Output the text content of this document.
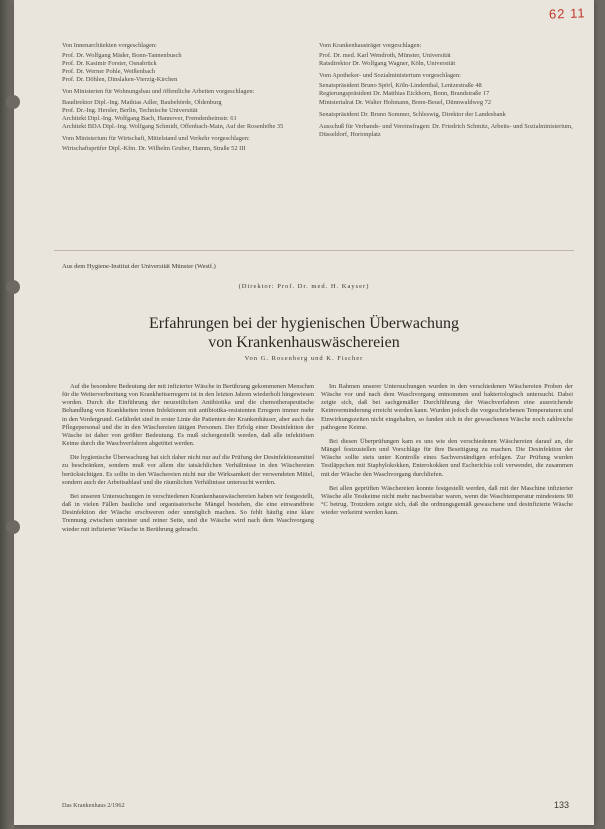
62 11

Von Innenarchitekten vorgeschlagen:
Prof. Dr. Wolfgang Mäder, Bonn-Tannenbusch
Prof. Dr. Kasimir Forster, Osnabrück
Prof. Dr. Werner Pohle, Weißenbach
Prof. Dr. Döhlen, Dinslaken-Vierzig-Kirchen

Von Ministerien für Wohnungsbau und öffentliche Arbeiten vorgeschlagen:
Baudirektor Dipl.-Ing. Mathias Adler, Baubehörde, Oldenburg
Prof. Dr.-Ing. Hersler, Berlin, Technische Universität
Architekt Dipl.-Ing. Wolfgang Bach, Hannover, Fremdenheimstr. 61
Architekt BDA Dipl.-Ing. Wolfgang Schmidt, Offenbach-Main, Auf der Rosenhöhe 35

Vom Ministerium für Wirtschaft, Mittelstand und Verkehr vorgeschlagen:
Wirtschaftsprüfer Dipl.-Kfm. Dr. Wilhelm Gruber, Hamm, Straße 52 III

Vom Krankenhausträger vorgeschlagen:
Prof. Dr. med. Karl Wendroth, Münster, Universität
Ratsdirektor Dr. Wolfgang Wagner, Köln, Universität

Vom Apotheker- und Sozialministerium vorgeschlagen:
Senatspräsident Bruno Spörl, Köln-Lindenthal, Lentzestraße 48
Regierungspräsident Dr. Matthias Eickhorn, Bonn, Brandstraße 17
Ministerialrat Dr. Walter Hohmann, Bonn-Beuel, Dünnwaldweg 72

Senatspräsident Dr. Bruno Sommer, Schleswig, Direktor der Landesbank

Ausschuß für Verbands- und Vereinsfragen: Dr. Friedrich Schmitz, Arbeits- und Sozialministerium, Düsseldorf, Horionplatz

Aus dem Hygiene-Institut der Universität Münster (Westf.)
(Direktor: Prof. Dr. med. H. Kayser)
Erfahrungen bei der hygienischen Überwachung
von Krankenhauswäschereien
Von G. Rosenberg und K. Fischer

Auf die besondere Bedeutung der mit infizierter Wäsche in Berührung gekommenen Menschen für die Weiterverbreitung von Krankheitserregern ist in den letzten Jahren wiederholt hingewiesen worden. Durch die Einführung der neuzeitlichen Antibiotika und die chemotherapeutische Behandlung von Krankheiten treten Infektionen mit antibiotika-resistenten Erregern immer mehr in den Vordergrund. Gefährdet sind in erster Linie die Patienten der Krankenhäuser, aber auch das Pflegepersonal und die in den Wäschereien tätigen Personen. Der Erfolg einer Desinfektion der Wäsche ist daher von größter Bedeutung. Es muß sichergestellt werden, daß alle infektiösen Keime durch die Waschverfahren abgetötet werden.

Die hygienische Überwachung hat sich daher nicht nur auf die Prüfung der Desinfektionsmittel zu beschränken, sondern muß vor allem die tatsächlichen Verhältnisse in den Wäschereien berücksichtigen. Es sollte in den Wäschereien nicht nur die Wirksamkeit der verwendeten Mittel, sondern auch der Arbeitsablauf und die räumlichen Verhältnisse untersucht werden.

Bei unseren Untersuchungen in verschiedenen Krankenhauswäschereien haben wir festgestellt, daß in vielen Fällen bauliche und organisatorische Mängel bestehen, die eine einwandfreie Desinfektion der Wäsche erschweren oder unmöglich machen. So fehlt häufig eine klare Trennung zwischen unreiner und reiner Seite, und die Wäsche wird nach dem Waschvorgang wieder mit infizierter Wäsche in Berührung gebracht.

Im Rahmen unserer Untersuchungen wurden in den verschiedenen Wäschereien Proben der Wäsche vor und nach dem Waschvorgang entnommen und bakteriologisch untersucht. Dabei zeigte sich, daß bei sachgemäßer Durchführung der Waschverfahren eine ausreichende Keimverminderung erreicht werden kann. Wurden jedoch die vorgeschriebenen Temperaturen und Einwirkungszeiten nicht eingehalten, so fanden sich in der gewaschenen Wäsche noch zahlreiche pathogene Keime.

Bei diesen Überprüfungen kam es uns wie den verschiedenen Wäschereien darauf an, die Mängel festzustellen und Vorschläge für ihre Beseitigung zu machen. Die Desinfektion der Wäsche sollte stets unter Kontrolle eines Sachverständigen erfolgen. Zur Prüfung wurden Testläppchen mit Staphylokokken, Enterokokken und Escherichia coli verwendet, die zusammen mit der Wäsche den Waschvorgang durchliefen.

Bei allen geprüften Wäschereien konnte festgestellt werden, daß mit der Maschine infizierter Wäsche alle Testkeime nicht mehr nachweisbar waren, wenn die Waschtemperatur mindestens 90 °C betrug. Trotzdem zeigte sich, daß die ordnungsgemäß gewaschene und desinfizierte Wäsche wieder verkeimt werden kann.

Das Krankenhaus 2/1962	133
